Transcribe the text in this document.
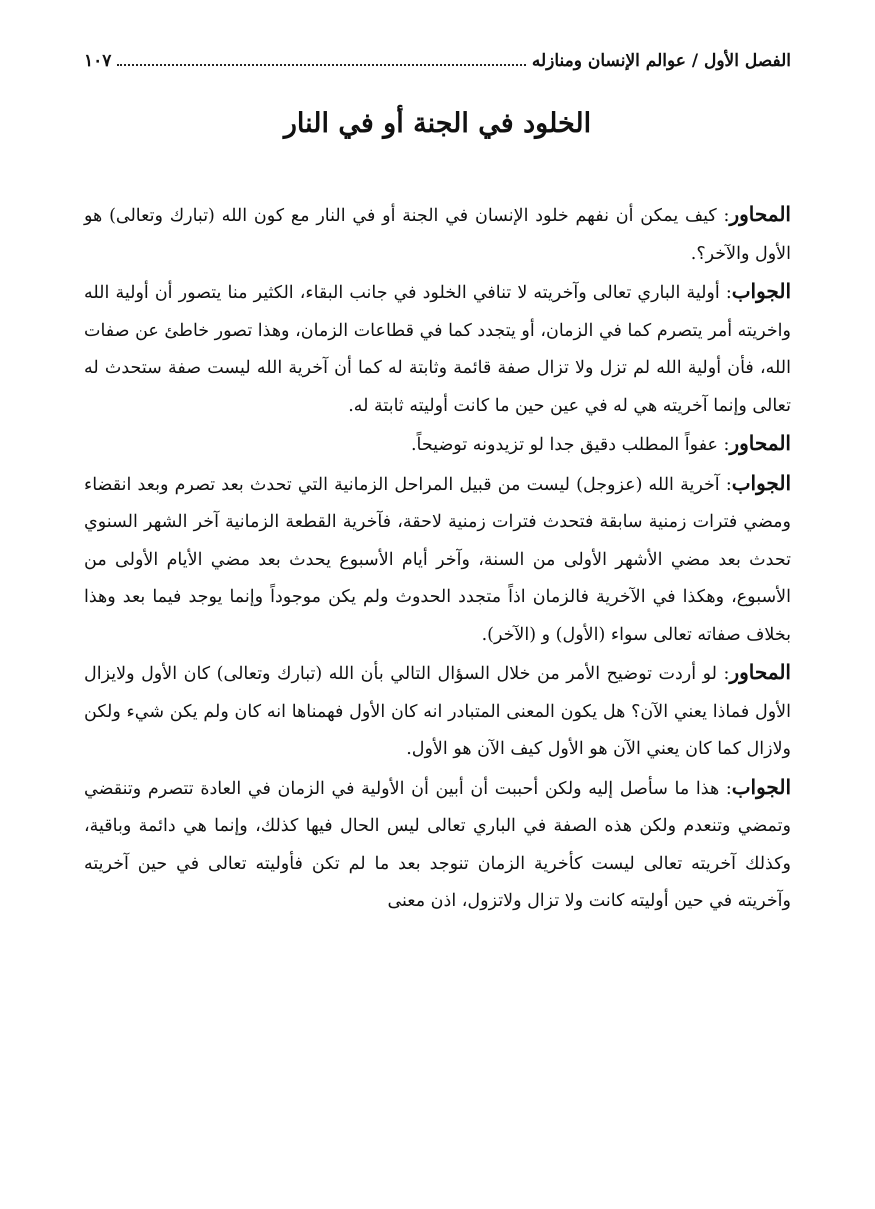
الفصل الأول / عوالم الإنسان ومنازله
١٠٧
الخلود في الجنة أو في النار

المحاور: كيف يمكن أن نفهم خلود الإنسان في الجنة أو في النار مع كون الله (تبارك وتعالى) هو الأول والآخر؟.

الجواب: أولية الباري تعالى وآخريته لا تنافي الخلود في جانب البقاء، الكثير منا يتصور أن أولية الله واخريته أمر يتصرم كما في الزمان، أو يتجدد كما في قطاعات الزمان، وهذا تصور خاطئ عن صفات الله، فأن أولية الله لم تزل ولا تزال صفة قائمة وثابتة له كما أن آخرية الله ليست صفة ستحدث له تعالى وإنما آخريته هي له في عين حين ما كانت أوليته ثابتة له.

المحاور: عفواً المطلب دقيق جدا لو تزيدونه توضيحاً.

الجواب: آخرية الله (عزوجل) ليست من قبيل المراحل الزمانية التي تحدث بعد تصرم وبعد انقضاء ومضي فترات زمنية سابقة فتحدث فترات زمنية لاحقة، فآخرية القطعة الزمانية آخر الشهر السنوي تحدث بعد مضي الأشهر الأولى من السنة، وآخر أيام الأسبوع يحدث بعد مضي الأيام الأولى من الأسبوع، وهكذا في الآخرية فالزمان اذاً متجدد الحدوث ولم يكن موجوداً وإنما يوجد فيما بعد وهذا بخلاف صفاته تعالى سواء (الأول) و (الآخر).

المحاور: لو أردت توضيح الأمر من خلال السؤال التالي بأن الله (تبارك وتعالى) كان الأول ولايزال الأول فماذا يعني الآن؟ هل يكون المعنى المتبادر انه كان الأول فهمناها انه كان ولم يكن شيء ولكن ولازال كما كان يعني الآن هو الأول كيف الآن هو الأول.

الجواب: هذا ما سأصل إليه ولكن أحببت أن أبين أن الأولية في الزمان في العادة تتصرم وتنقضي وتمضي وتنعدم ولكن هذه الصفة في الباري تعالى ليس الحال فيها كذلك، وإنما هي دائمة وباقية، وكذلك آخريته تعالى ليست كأخرية الزمان تنوجد بعد ما لم تكن فأوليته تعالى في حين آخريته وآخريته في حين أوليته كانت ولا تزال ولاتزول، اذن معنى
